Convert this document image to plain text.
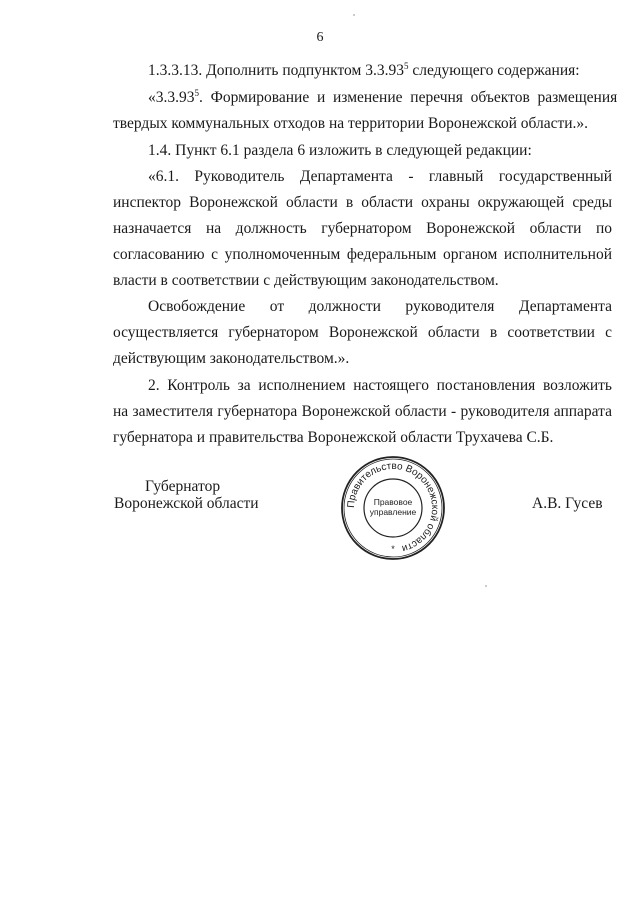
6
1.3.3.13. Дополнить подпунктом 3.3.93$^5$ следующего содержания:
«3.3.93$^5$.  Формирование  и  изменение  перечня  объектов  размещения
твердых коммунальных отходов на территории Воронежской области.».
1.4. Пункт 6.1 раздела 6 изложить в следующей редакции:
«6.1. Руководитель Департамента - главный государственный
инспектор Воронежской области в области охраны окружающей среды
назначается на должность губернатором Воронежской области по
согласованию с уполномоченным федеральным органом исполнительной
власти в соответствии с действующим законодательством.
Освобождение от должности руководителя Департамента
осуществляется губернатором Воронежской области в соответствии с
действующим законодательством.».
2. Контроль за исполнением настоящего постановления возложить
на заместителя губернатора Воронежской области - руководителя аппарата
губернатора и правительства Воронежской области Трухачева С.Б.
Губернатор
Воронежской области	А.В. Гусев
Правительство Воронежской области
Правовое
управление
*
